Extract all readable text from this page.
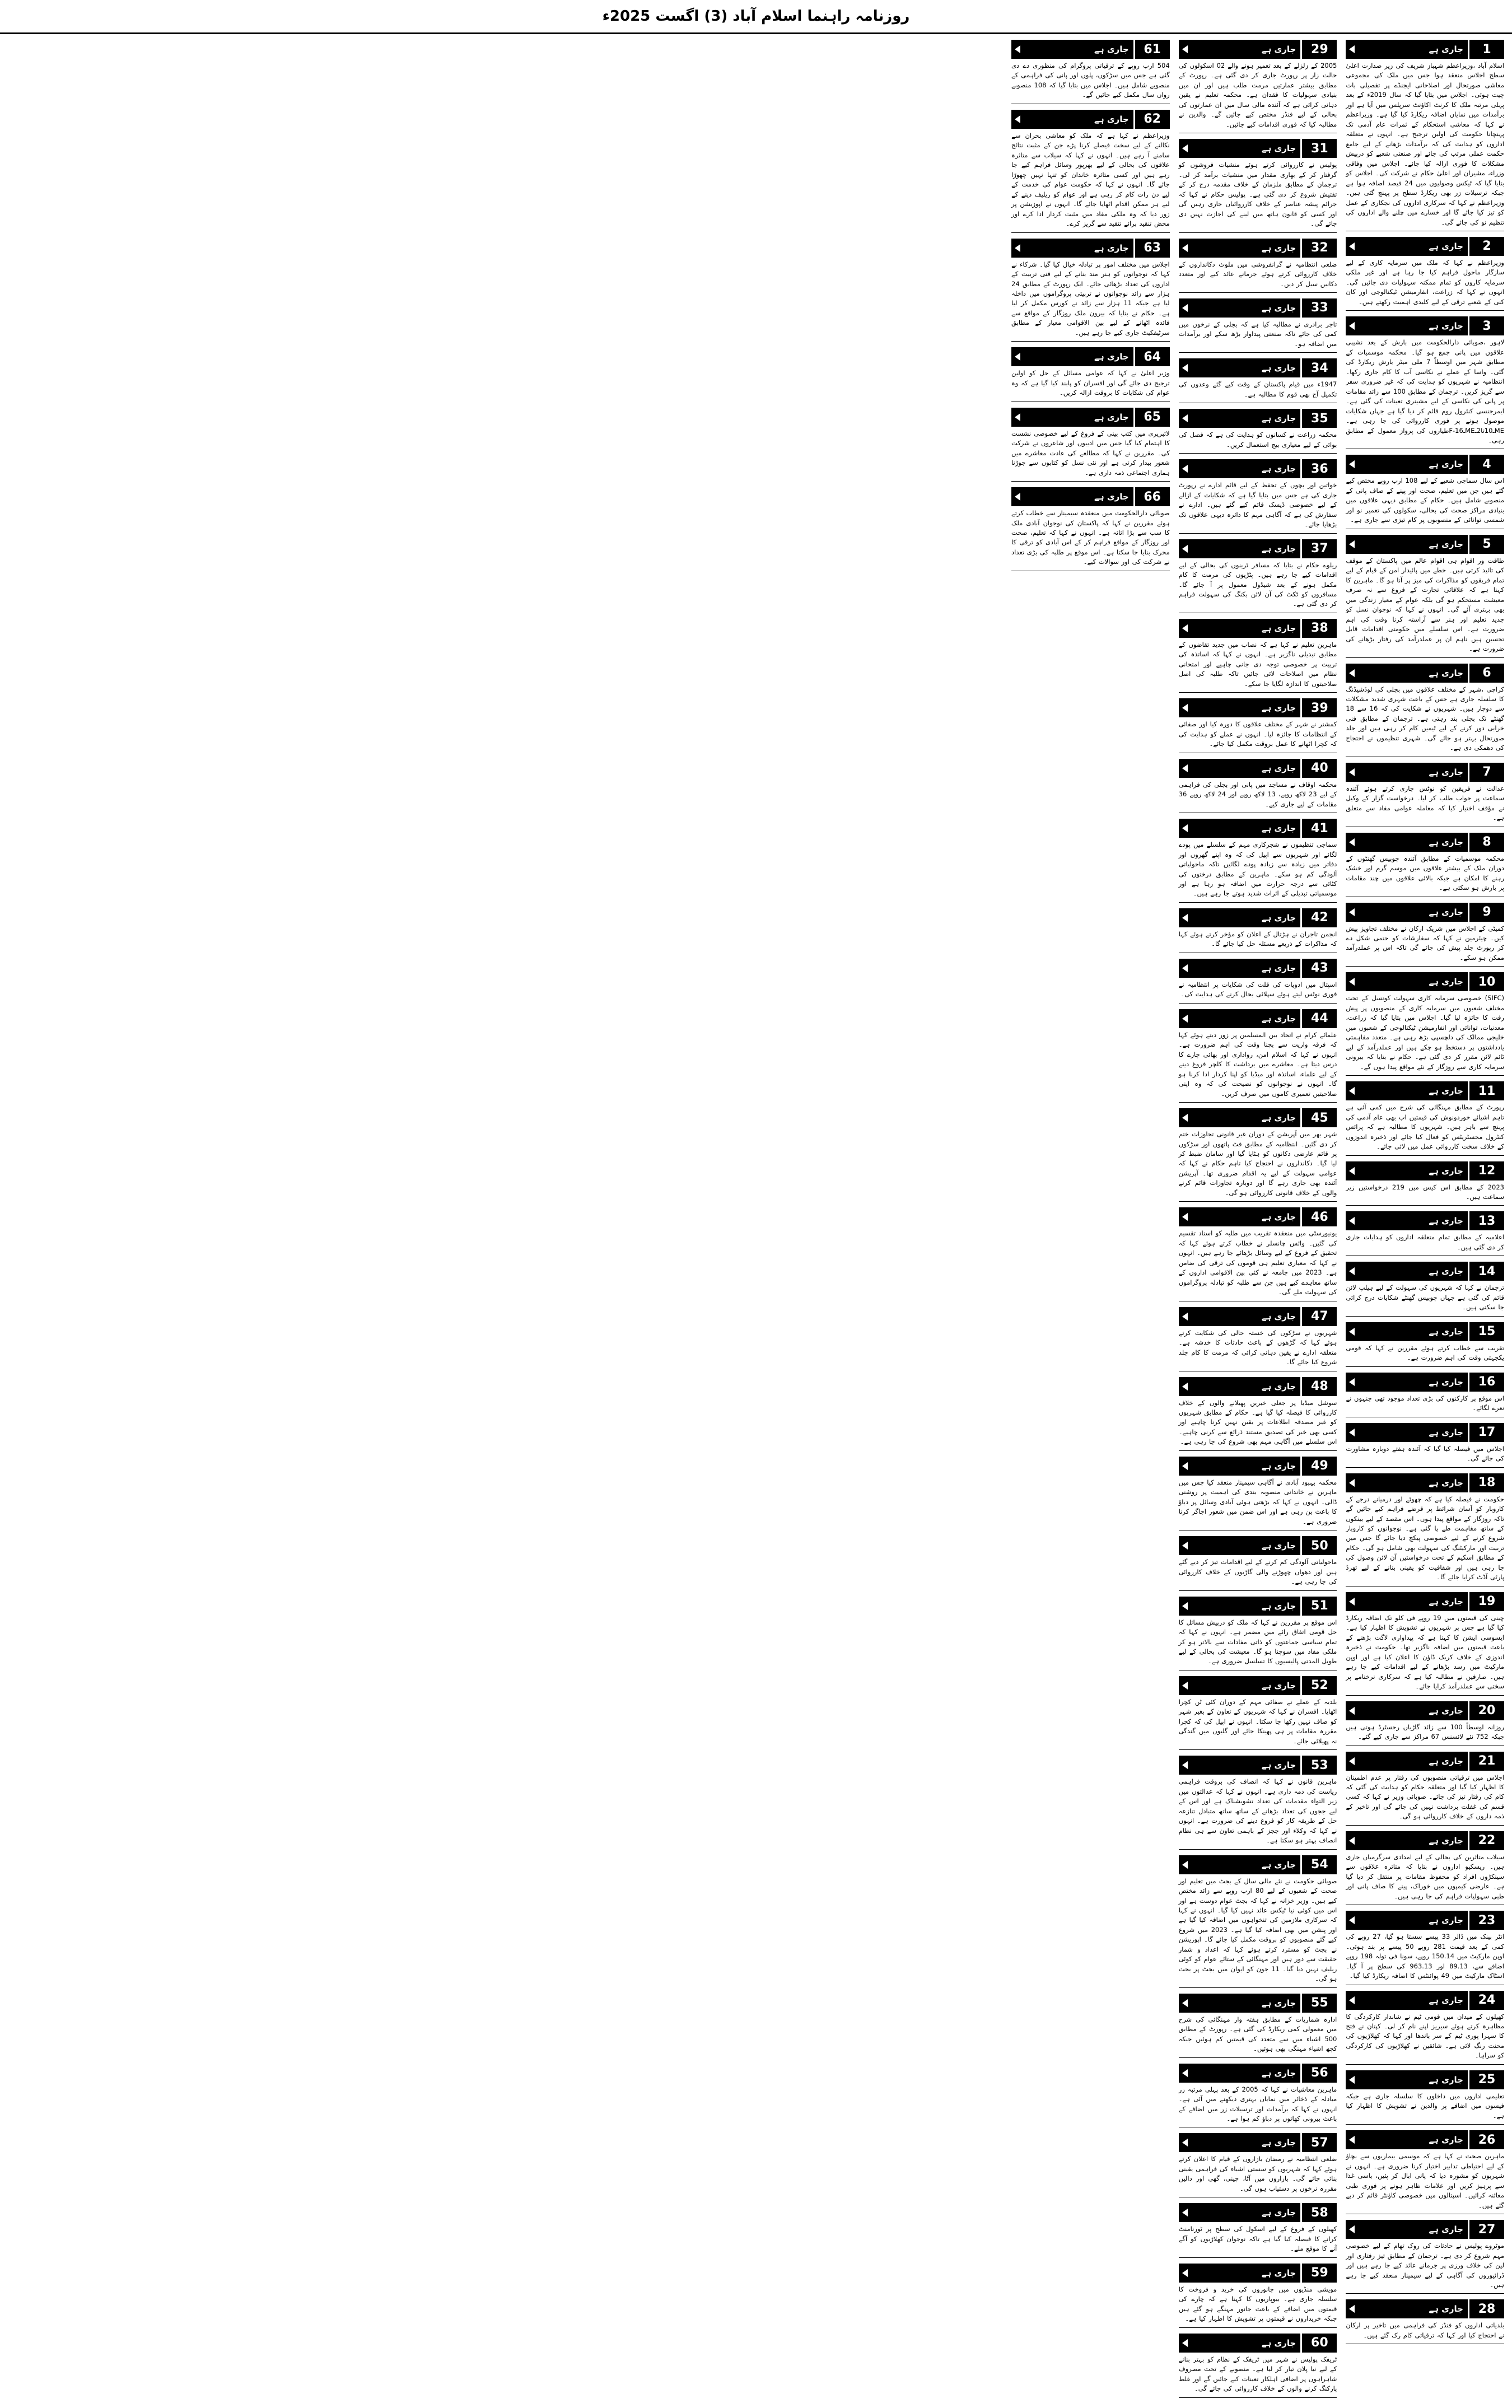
روزنامہ راہنما اسلام آباد (3) اگست 2025ء
1
جاری ہے

اسلام آباد ،وزیراعظم شہباز شریف کی زیر صدارت اعلیٰ سطح اجلاس منعقد ہوا جس میں ملک کی مجموعی معاشی صورتحال اور اصلاحاتی ایجنڈے پر تفصیلی بات چیت ہوئی۔ اجلاس میں بتایا گیا کہ سال 2019ء کے بعد پہلی مرتبہ ملک کا کرنٹ اکاؤنٹ سرپلس میں آیا ہے اور برآمدات میں نمایاں اضافہ ریکارڈ کیا گیا ہے۔ وزیراعظم نے کہا کہ معاشی استحکام کے ثمرات عام آدمی تک پہنچانا حکومت کی اولین ترجیح ہے۔ انہوں نے متعلقہ اداروں کو ہدایت کی کہ برآمدات بڑھانے کے لیے جامع حکمت عملی مرتب کی جائے اور صنعتی شعبے کو درپیش مشکلات کا فوری ازالہ کیا جائے۔ اجلاس میں وفاقی وزراء، مشیران اور اعلیٰ حکام نے شرکت کی۔ اجلاس کو بتایا گیا کہ ٹیکس وصولیوں میں 24 فیصد اضافہ ہوا ہے جبکہ ترسیلات زر بھی ریکارڈ سطح پر پہنچ گئی ہیں۔ وزیراعظم نے کہا کہ سرکاری اداروں کی نجکاری کے عمل کو تیز کیا جائے گا اور خسارے میں چلنے والے اداروں کی تنظیم نو کی جائے گی۔

2
جاری ہے

وزیراعظم نے کہا کہ ملک میں سرمایہ کاری کے لیے سازگار ماحول فراہم کیا جا رہا ہے اور غیر ملکی سرمایہ کاروں کو تمام ممکنہ سہولیات دی جائیں گی۔ انہوں نے کہا کہ زراعت، انفارمیشن ٹیکنالوجی اور کان کنی کے شعبے ترقی کے لیے کلیدی اہمیت رکھتے ہیں۔

3
جاری ہے

لاہور ،صوبائی دارالحکومت میں بارش کے بعد نشیبی علاقوں میں پانی جمع ہو گیا۔ محکمہ موسمیات کے مطابق شہر میں اوسطاً 7 ملی میٹر بارش ریکارڈ کی گئی۔ واسا کے عملے نے نکاسی آب کا کام جاری رکھا۔ انتظامیہ نے شہریوں کو ہدایت کی کہ غیر ضروری سفر سے گریز کریں۔ ترجمان کے مطابق 100 سے زائد مقامات پر پانی کی نکاسی کے لیے مشینری تعینات کی گئی ہے۔ ایمرجنسی کنٹرول روم قائم کر دیا گیا ہے جہاں شکایات موصول ہونے پر فوری کارروائی کی جا رہی ہے۔ MEـ10تا2ـMEـ16-Fطیاروں کی پرواز معمول کے مطابق رہی۔

4
جاری ہے

اس سال سماجی شعبے کے لیے 108 ارب روپے مختص کیے گئے ہیں جن میں تعلیم، صحت اور پینے کے صاف پانی کے منصوبے شامل ہیں۔ حکام کے مطابق دیہی علاقوں میں بنیادی مراکز صحت کی بحالی، سکولوں کی تعمیر نو اور شمسی توانائی کے منصوبوں پر کام تیزی سے جاری ہے۔

5
جاری ہے

طاقت ور اقوام ہی اقوام عالم میں پاکستان کے موقف کی تائید کرتی ہیں۔ خطے میں پائیدار امن کے قیام کے لیے تمام فریقوں کو مذاکرات کی میز پر آنا ہو گا۔ ماہرین کا کہنا ہے کہ علاقائی تجارت کے فروغ سے نہ صرف معیشت مستحکم ہو گی بلکہ عوام کے معیار زندگی میں بھی بہتری آئے گی۔ انہوں نے کہا کہ نوجوان نسل کو جدید تعلیم اور ہنر سے آراستہ کرنا وقت کی اہم ضرورت ہے۔ اس سلسلے میں حکومتی اقدامات قابل تحسین ہیں تاہم ان پر عملدرآمد کی رفتار بڑھانے کی ضرورت ہے۔

6
جاری ہے

کراچی ،شہر کے مختلف علاقوں میں بجلی کی لوڈشیڈنگ کا سلسلہ جاری ہے جس کے باعث شہری شدید مشکلات سے دوچار ہیں۔ شہریوں نے شکایت کی کہ 16 سے 18 گھنٹے تک بجلی بند رہتی ہے۔ ترجمان کے مطابق فنی خرابی دور کرنے کے لیے ٹیمیں کام کر رہی ہیں اور جلد صورتحال بہتر ہو جائے گی۔ شہری تنظیموں نے احتجاج کی دھمکی دی ہے۔

7
جاری ہے

عدالت نے فریقین کو نوٹس جاری کرتے ہوئے آئندہ سماعت پر جواب طلب کر لیا۔ درخواست گزار کے وکیل نے مؤقف اختیار کیا کہ معاملہ عوامی مفاد سے متعلق ہے۔

8
جاری ہے

محکمہ موسمیات کے مطابق آئندہ چوبیس گھنٹوں کے دوران ملک کے بیشتر علاقوں میں موسم گرم اور خشک رہنے کا امکان ہے جبکہ بالائی علاقوں میں چند مقامات پر بارش ہو سکتی ہے۔

9
جاری ہے

کمیٹی کے اجلاس میں شریک ارکان نے مختلف تجاویز پیش کیں۔ چیئرمین نے کہا کہ سفارشات کو حتمی شکل دے کر رپورٹ جلد پیش کی جائے گی تاکہ اس پر عملدرآمد ممکن ہو سکے۔

10
جاری ہے

(SIFC) خصوصی سرمایہ کاری سہولت کونسل کے تحت مختلف شعبوں میں سرمایہ کاری کے منصوبوں پر پیش رفت کا جائزہ لیا گیا۔ اجلاس میں بتایا گیا کہ زراعت، معدنیات، توانائی اور انفارمیشن ٹیکنالوجی کے شعبوں میں خلیجی ممالک کی دلچسپی بڑھ رہی ہے۔ متعدد مفاہمتی یادداشتوں پر دستخط ہو چکے ہیں اور عملدرآمد کے لیے ٹائم لائن مقرر کر دی گئی ہے۔ حکام نے بتایا کہ بیرونی سرمایہ کاری سے روزگار کے نئے مواقع پیدا ہوں گے۔

11
جاری ہے

رپورٹ کے مطابق مہنگائی کی شرح میں کمی آئی ہے تاہم اشیائے خوردونوش کی قیمتیں اب بھی عام آدمی کی پہنچ سے باہر ہیں۔ شہریوں کا مطالبہ ہے کہ پرائس کنٹرول مجسٹریٹس کو فعال کیا جائے اور ذخیرہ اندوزوں کے خلاف سخت کارروائی عمل میں لائی جائے۔

12
جاری ہے

2023 کے مطابق اس کیس میں 219 درخواستیں زیر سماعت ہیں۔

13
جاری ہے

اعلامیہ کے مطابق تمام متعلقہ اداروں کو ہدایات جاری کر دی گئی ہیں۔

14
جاری ہے

ترجمان نے کہا کہ شہریوں کی سہولت کے لیے ہیلپ لائن قائم کی گئی ہے جہاں چوبیس گھنٹے شکایات درج کرائی جا سکتی ہیں۔

15
جاری ہے

تقریب سے خطاب کرتے ہوئے مقررین نے کہا کہ قومی یکجہتی وقت کی اہم ضرورت ہے۔

16
جاری ہے

اس موقع پر کارکنوں کی بڑی تعداد موجود تھی جنہوں نے نعرے لگائے۔

17
جاری ہے

اجلاس میں فیصلہ کیا گیا کہ آئندہ ہفتے دوبارہ مشاورت کی جائے گی۔

18
جاری ہے

حکومت نے فیصلہ کیا ہے کہ چھوٹے اور درمیانے درجے کے کاروبار کو آسان شرائط پر قرضے فراہم کیے جائیں گے تاکہ روزگار کے مواقع پیدا ہوں۔ اس مقصد کے لیے بینکوں کے ساتھ مفاہمت طے پا گئی ہے۔ نوجوانوں کو کاروبار شروع کرنے کے لیے خصوصی پیکج دیا جائے گا جس میں تربیت اور مارکیٹنگ کی سہولت بھی شامل ہو گی۔ حکام کے مطابق اسکیم کے تحت درخواستیں آن لائن وصول کی جا رہی ہیں اور شفافیت کو یقینی بنانے کے لیے تھرڈ پارٹی آڈٹ کرایا جائے گا۔

19
جاری ہے

چینی کی قیمتوں میں 19 روپے فی کلو تک اضافہ ریکارڈ کیا گیا ہے جس پر شہریوں نے تشویش کا اظہار کیا ہے۔ ایسوسی ایشن کا کہنا ہے کہ پیداواری لاگت بڑھنے کے باعث قیمتوں میں اضافہ ناگزیر تھا۔ حکومت نے ذخیرہ اندوزی کے خلاف کریک ڈاؤن کا اعلان کیا ہے اور اوپن مارکیٹ میں رسد بڑھانے کے لیے اقدامات کیے جا رہے ہیں۔ صارفین نے مطالبہ کیا ہے کہ سرکاری نرخنامے پر سختی سے عملدرآمد کرایا جائے۔

20
جاری ہے

روزانہ اوسطاً 100 سے زائد گاڑیاں رجسٹرڈ ہوتی ہیں جبکہ 752 نئے لائسنس 67 مراکز سے جاری کیے گئے۔

21
جاری ہے

اجلاس میں ترقیاتی منصوبوں کی رفتار پر عدم اطمینان کا اظہار کیا گیا اور متعلقہ حکام کو ہدایت کی گئی کہ کام کی رفتار تیز کی جائے۔ صوبائی وزیر نے کہا کہ کسی قسم کی غفلت برداشت نہیں کی جائے گی اور تاخیر کے ذمہ داروں کے خلاف کارروائی ہو گی۔

22
جاری ہے

سیلاب متاثرین کی بحالی کے لیے امدادی سرگرمیاں جاری ہیں۔ ریسکیو اداروں نے بتایا کہ متاثرہ علاقوں سے سینکڑوں افراد کو محفوظ مقامات پر منتقل کر دیا گیا ہے۔ عارضی کیمپوں میں خوراک، پینے کا صاف پانی اور طبی سہولیات فراہم کی جا رہی ہیں۔

23
جاری ہے

انٹر بینک میں ڈالر 33 پیسے سستا ہو گیا، 27 روپے کی کمی کے بعد قیمت 281 روپے 50 پیسے پر بند ہوئی۔ اوپن مارکیٹ میں 150.14 روپے، سونا فی تولہ 198 روپے اضافے سے، 89.13 اور 963.13 کی سطح پر آ گیا۔ اسٹاک مارکیٹ میں 49 پوائنٹس کا اضافہ ریکارڈ کیا گیا۔

24
جاری ہے

کھیلوں کے میدان میں قومی ٹیم نے شاندار کارکردگی کا مظاہرہ کرتے ہوئے سیریز اپنے نام کر لی۔ کپتان نے فتح کا سہرا پوری ٹیم کے سر باندھا اور کہا کہ کھلاڑیوں کی محنت رنگ لائی ہے۔ شائقین نے کھلاڑیوں کی کارکردگی کو سراہا۔

25
جاری ہے

تعلیمی اداروں میں داخلوں کا سلسلہ جاری ہے جبکہ فیسوں میں اضافے پر والدین نے تشویش کا اظہار کیا ہے۔

26
جاری ہے

ماہرین صحت نے کہا ہے کہ موسمی بیماریوں سے بچاؤ کے لیے احتیاطی تدابیر اختیار کرنا ضروری ہے۔ انہوں نے شہریوں کو مشورہ دیا کہ پانی ابال کر پئیں، باسی غذا سے پرہیز کریں اور علامات ظاہر ہونے پر فوری طبی معائنہ کرائیں۔ اسپتالوں میں خصوصی کاؤنٹر قائم کر دیے گئے ہیں۔

27
جاری ہے

موٹروے پولیس نے حادثات کی روک تھام کے لیے خصوصی مہم شروع کر دی ہے۔ ترجمان کے مطابق تیز رفتاری اور لین کی خلاف ورزی پر جرمانے عائد کیے جا رہے ہیں اور ڈرائیوروں کی آگاہی کے لیے سیمینار منعقد کیے جا رہے ہیں۔

28
جاری ہے

بلدیاتی اداروں کو فنڈز کی فراہمی میں تاخیر پر ارکان نے احتجاج کیا اور کہا کہ ترقیاتی کام رک گئے ہیں۔

29
جاری ہے

2005 کے زلزلے کے بعد تعمیر ہونے والے 02 اسکولوں کی حالت زار پر رپورٹ جاری کر دی گئی ہے۔ رپورٹ کے مطابق بیشتر عمارتیں مرمت طلب ہیں اور ان میں بنیادی سہولیات کا فقدان ہے۔ محکمہ تعلیم نے یقین دہانی کرائی ہے کہ آئندہ مالی سال میں ان عمارتوں کی بحالی کے لیے فنڈز مختص کیے جائیں گے۔ والدین نے مطالبہ کیا کہ فوری اقدامات کیے جائیں۔

31
جاری ہے

پولیس نے کارروائی کرتے ہوئے منشیات فروشوں کو گرفتار کر کے بھاری مقدار میں منشیات برآمد کر لی۔ ترجمان کے مطابق ملزمان کے خلاف مقدمہ درج کر کے تفتیش شروع کر دی گئی ہے۔ پولیس حکام نے کہا کہ جرائم پیشہ عناصر کے خلاف کارروائیاں جاری رہیں گی اور کسی کو قانون ہاتھ میں لینے کی اجازت نہیں دی جائے گی۔

32
جاری ہے

ضلعی انتظامیہ نے گرانفروشی میں ملوث دکانداروں کے خلاف کارروائی کرتے ہوئے جرمانے عائد کیے اور متعدد دکانیں سیل کر دیں۔

33
جاری ہے

تاجر برادری نے مطالبہ کیا ہے کہ بجلی کے نرخوں میں کمی کی جائے تاکہ صنعتی پیداوار بڑھ سکے اور برآمدات میں اضافہ ہو۔

34
جاری ہے

1947ء میں قیام پاکستان کے وقت کیے گئے وعدوں کی تکمیل آج بھی قوم کا مطالبہ ہے۔

35
جاری ہے

محکمہ زراعت نے کسانوں کو ہدایت کی ہے کہ فصل کی بوائی کے لیے معیاری بیج استعمال کریں۔

36
جاری ہے

خواتین اور بچوں کے تحفظ کے لیے قائم ادارے نے رپورٹ جاری کی ہے جس میں بتایا گیا ہے کہ شکایات کے ازالے کے لیے خصوصی ڈیسک قائم کیے گئے ہیں۔ ادارے نے سفارش کی ہے کہ آگاہی مہم کا دائرہ دیہی علاقوں تک بڑھایا جائے۔

37
جاری ہے

ریلوے حکام نے بتایا کہ مسافر ٹرینوں کی بحالی کے لیے اقدامات کیے جا رہے ہیں۔ پٹڑیوں کی مرمت کا کام مکمل ہونے کے بعد شیڈول معمول پر آ جائے گا۔ مسافروں کو ٹکٹ کی آن لائن بکنگ کی سہولت فراہم کر دی گئی ہے۔

38
جاری ہے

ماہرین تعلیم نے کہا ہے کہ نصاب میں جدید تقاضوں کے مطابق تبدیلی ناگزیر ہے۔ انہوں نے کہا کہ اساتذہ کی تربیت پر خصوصی توجہ دی جانی چاہیے اور امتحانی نظام میں اصلاحات لائی جائیں تاکہ طلبہ کی اصل صلاحیتوں کا اندازہ لگایا جا سکے۔

39
جاری ہے

کمشنر نے شہر کے مختلف علاقوں کا دورہ کیا اور صفائی کے انتظامات کا جائزہ لیا۔ انہوں نے عملے کو ہدایت کی کہ کچرا اٹھانے کا عمل بروقت مکمل کیا جائے۔

40
جاری ہے

محکمہ اوقاف نے مساجد میں پانی اور بجلی کی فراہمی کے لیے 23 لاکھ روپے، 13 لاکھ روپے اور 24 لاکھ روپے 36 مقامات کے لیے جاری کیے۔

41
جاری ہے

سماجی تنظیموں نے شجرکاری مہم کے سلسلے میں پودے لگائے اور شہریوں سے اپیل کی کہ وہ اپنے گھروں اور دفاتر میں زیادہ سے زیادہ پودے لگائیں تاکہ ماحولیاتی آلودگی کم ہو سکے۔ ماہرین کے مطابق درختوں کی کٹائی سے درجہ حرارت میں اضافہ ہو رہا ہے اور موسمیاتی تبدیلی کے اثرات شدید ہوتے جا رہے ہیں۔

42
جاری ہے

انجمن تاجران نے ہڑتال کے اعلان کو مؤخر کرتے ہوئے کہا کہ مذاکرات کے ذریعے مسئلہ حل کیا جائے گا۔

43
جاری ہے

اسپتال میں ادویات کی قلت کی شکایات پر انتظامیہ نے فوری نوٹس لیتے ہوئے سپلائی بحال کرنے کی ہدایت کی۔

44
جاری ہے

علمائے کرام نے اتحاد بین المسلمین پر زور دیتے ہوئے کہا کہ فرقہ واریت سے بچنا وقت کی اہم ضرورت ہے۔ انہوں نے کہا کہ اسلام امن، رواداری اور بھائی چارے کا درس دیتا ہے۔ معاشرے میں برداشت کا کلچر فروغ دینے کے لیے علماء، اساتذہ اور میڈیا کو اپنا کردار ادا کرنا ہو گا۔ انہوں نے نوجوانوں کو نصیحت کی کہ وہ اپنی صلاحیتیں تعمیری کاموں میں صرف کریں۔

45
جاری ہے

شہر بھر میں آپریشن کے دوران غیر قانونی تجاوزات ختم کر دی گئیں۔ انتظامیہ کے مطابق فٹ پاتھوں اور سڑکوں پر قائم عارضی دکانوں کو ہٹایا گیا اور سامان ضبط کر لیا گیا۔ دکانداروں نے احتجاج کیا تاہم حکام نے کہا کہ عوامی سہولت کے لیے یہ اقدام ضروری تھا۔ آپریشن آئندہ بھی جاری رہے گا اور دوبارہ تجاوزات قائم کرنے والوں کے خلاف قانونی کارروائی ہو گی۔

46
جاری ہے

یونیورسٹی میں منعقدہ تقریب میں طلبہ کو اسناد تقسیم کی گئیں۔ وائس چانسلر نے خطاب کرتے ہوئے کہا کہ تحقیق کے فروغ کے لیے وسائل بڑھائے جا رہے ہیں۔ انہوں نے کہا کہ معیاری تعلیم ہی قوموں کی ترقی کی ضامن ہے۔ 2023 میں جامعہ نے کئی بین الاقوامی اداروں کے ساتھ معاہدے کیے ہیں جن سے طلبہ کو تبادلہ پروگراموں کی سہولت ملے گی۔

47
جاری ہے

شہریوں نے سڑکوں کی خستہ حالی کی شکایت کرتے ہوئے کہا کہ گڑھوں کے باعث حادثات کا خدشہ ہے۔ متعلقہ ادارے نے یقین دہانی کرائی کہ مرمت کا کام جلد شروع کیا جائے گا۔

48
جاری ہے

سوشل میڈیا پر جعلی خبریں پھیلانے والوں کے خلاف کارروائی کا فیصلہ کیا گیا ہے۔ حکام کے مطابق شہریوں کو غیر مصدقہ اطلاعات پر یقین نہیں کرنا چاہیے اور کسی بھی خبر کی تصدیق مستند ذرائع سے کرنی چاہیے۔ اس سلسلے میں آگاہی مہم بھی شروع کی جا رہی ہے۔

49
جاری ہے

محکمہ بہبود آبادی نے آگاہی سیمینار منعقد کیا جس میں ماہرین نے خاندانی منصوبہ بندی کی اہمیت پر روشنی ڈالی۔ انہوں نے کہا کہ بڑھتی ہوئی آبادی وسائل پر دباؤ کا باعث بن رہی ہے اور اس ضمن میں شعور اجاگر کرنا ضروری ہے۔

50
جاری ہے

ماحولیاتی آلودگی کم کرنے کے لیے اقدامات تیز کر دیے گئے ہیں اور دھواں چھوڑنے والی گاڑیوں کے خلاف کارروائی کی جا رہی ہے۔

51
جاری ہے

اس موقع پر مقررین نے کہا کہ ملک کو درپیش مسائل کا حل قومی اتفاق رائے میں مضمر ہے۔ انہوں نے کہا کہ تمام سیاسی جماعتوں کو ذاتی مفادات سے بالاتر ہو کر ملکی مفاد میں سوچنا ہو گا۔ معیشت کی بحالی کے لیے طویل المدتی پالیسیوں کا تسلسل ضروری ہے۔

52
جاری ہے

بلدیہ کے عملے نے صفائی مہم کے دوران کئی ٹن کچرا اٹھایا۔ افسران نے کہا کہ شہریوں کے تعاون کے بغیر شہر کو صاف نہیں رکھا جا سکتا۔ انہوں نے اپیل کی کہ کچرا مقررہ مقامات پر ہی پھینکا جائے اور گلیوں میں گندگی نہ پھیلائی جائے۔

53
جاری ہے

ماہرین قانون نے کہا کہ انصاف کی بروقت فراہمی ریاست کی ذمہ داری ہے۔ انہوں نے کہا کہ عدالتوں میں زیر التواء مقدمات کی تعداد تشویشناک ہے اور اس کے لیے ججوں کی تعداد بڑھانے کے ساتھ ساتھ متبادل تنازعہ حل کے طریقہ کار کو فروغ دینے کی ضرورت ہے۔ انہوں نے کہا کہ وکلاء اور ججز کے باہمی تعاون سے ہی نظام انصاف بہتر ہو سکتا ہے۔

54
جاری ہے

صوبائی حکومت نے نئے مالی سال کے بجٹ میں تعلیم اور صحت کے شعبوں کے لیے 80 ارب روپے سے زائد مختص کیے ہیں۔ وزیر خزانہ نے کہا کہ بجٹ عوام دوست ہے اور اس میں کوئی نیا ٹیکس عائد نہیں کیا گیا۔ انہوں نے کہا کہ سرکاری ملازمین کی تنخواہوں میں اضافہ کیا گیا ہے اور پنشن میں بھی اضافہ کیا گیا ہے۔ 2023 میں شروع کیے گئے منصوبوں کو بروقت مکمل کیا جائے گا۔ اپوزیشن نے بجٹ کو مسترد کرتے ہوئے کہا کہ اعداد و شمار حقیقت سے دور ہیں اور مہنگائی کے ستائے عوام کو کوئی ریلیف نہیں دیا گیا۔ 11 جون کو ایوان میں بجٹ پر بحث ہو گی۔

55
جاری ہے

ادارہ شماریات کے مطابق ہفتہ وار مہنگائی کی شرح میں معمولی کمی ریکارڈ کی گئی ہے۔ رپورٹ کے مطابق 500 اشیاء میں سے متعدد کی قیمتیں کم ہوئیں جبکہ کچھ اشیاء مہنگی بھی ہوئیں۔

56
جاری ہے

ماہرین معاشیات نے کہا کہ 2005 کے بعد پہلی مرتبہ زر مبادلہ کے ذخائر میں نمایاں بہتری دیکھنے میں آئی ہے۔ انہوں نے کہا کہ برآمدات اور ترسیلات زر میں اضافے کے باعث بیرونی کھاتوں پر دباؤ کم ہوا ہے۔

57
جاری ہے

ضلعی انتظامیہ نے رمضان بازاروں کے قیام کا اعلان کرتے ہوئے کہا کہ شہریوں کو سستی اشیاء کی فراہمی یقینی بنائی جائے گی۔ بازاروں میں آٹا، چینی، گھی اور دالیں مقررہ نرخوں پر دستیاب ہوں گی۔

58
جاری ہے

کھیلوں کے فروغ کے لیے اسکول کی سطح پر ٹورنامنٹ کرانے کا فیصلہ کیا گیا ہے تاکہ نوجوان کھلاڑیوں کو آگے آنے کا موقع ملے۔

59
جاری ہے

مویشی منڈیوں میں جانوروں کی خرید و فروخت کا سلسلہ جاری ہے۔ بیوپاریوں کا کہنا ہے کہ چارے کی قیمتوں میں اضافے کے باعث جانور مہنگے ہو گئے ہیں جبکہ خریداروں نے قیمتوں پر تشویش کا اظہار کیا ہے۔

60
جاری ہے

ٹریفک پولیس نے شہر میں ٹریفک کے نظام کو بہتر بنانے کے لیے نیا پلان تیار کر لیا ہے۔ منصوبے کے تحت مصروف شاہراہوں پر اضافی اہلکار تعینات کیے جائیں گے اور غلط پارکنگ کرنے والوں کے خلاف کارروائی کی جائے گی۔

61
جاری ہے

504 ارب روپے کے ترقیاتی پروگرام کی منظوری دے دی گئی ہے جس میں سڑکوں، پلوں اور پانی کی فراہمی کے منصوبے شامل ہیں۔ اجلاس میں بتایا گیا کہ 108 منصوبے رواں سال مکمل کیے جائیں گے۔

62
جاری ہے

وزیراعظم نے کہا ہے کہ ملک کو معاشی بحران سے نکالنے کے لیے سخت فیصلے کرنا پڑے جن کے مثبت نتائج سامنے آ رہے ہیں۔ انہوں نے کہا کہ سیلاب سے متاثرہ علاقوں کی بحالی کے لیے بھرپور وسائل فراہم کیے جا رہے ہیں اور کسی متاثرہ خاندان کو تنہا نہیں چھوڑا جائے گا۔ انہوں نے کہا کہ حکومت عوام کی خدمت کے لیے دن رات کام کر رہی ہے اور عوام کو ریلیف دینے کے لیے ہر ممکن اقدام اٹھایا جائے گا۔ انہوں نے اپوزیشن پر زور دیا کہ وہ ملکی مفاد میں مثبت کردار ادا کرے اور محض تنقید برائے تنقید سے گریز کرے۔

63
جاری ہے

اجلاس میں مختلف امور پر تبادلہ خیال کیا گیا۔ شرکاء نے کہا کہ نوجوانوں کو ہنر مند بنانے کے لیے فنی تربیت کے اداروں کی تعداد بڑھائی جائے۔ ایک رپورٹ کے مطابق 24 ہزار سے زائد نوجوانوں نے تربیتی پروگراموں میں داخلہ لیا ہے جبکہ 11 ہزار سے زائد نے کورس مکمل کر لیا ہے۔ حکام نے بتایا کہ بیرون ملک روزگار کے مواقع سے فائدہ اٹھانے کے لیے بین الاقوامی معیار کے مطابق سرٹیفکیٹ جاری کیے جا رہے ہیں۔

64
جاری ہے

وزیر اعلیٰ نے کہا کہ عوامی مسائل کے حل کو اولین ترجیح دی جائے گی اور افسران کو پابند کیا گیا ہے کہ وہ عوام کی شکایات کا بروقت ازالہ کریں۔

65
جاری ہے

لائبریری میں کتب بینی کے فروغ کے لیے خصوصی نشست کا اہتمام کیا گیا جس میں ادیبوں اور شاعروں نے شرکت کی۔ مقررین نے کہا کہ مطالعے کی عادت معاشرے میں شعور بیدار کرتی ہے اور نئی نسل کو کتابوں سے جوڑنا ہماری اجتماعی ذمہ داری ہے۔

66
جاری ہے

صوبائی دارالحکومت میں منعقدہ سیمینار سے خطاب کرتے ہوئے مقررین نے کہا کہ پاکستان کی نوجوان آبادی ملک کا سب سے بڑا اثاثہ ہے۔ انہوں نے کہا کہ تعلیم، صحت اور روزگار کے مواقع فراہم کر کے اس آبادی کو ترقی کا محرک بنایا جا سکتا ہے۔ اس موقع پر طلبہ کی بڑی تعداد نے شرکت کی اور سوالات کیے۔
